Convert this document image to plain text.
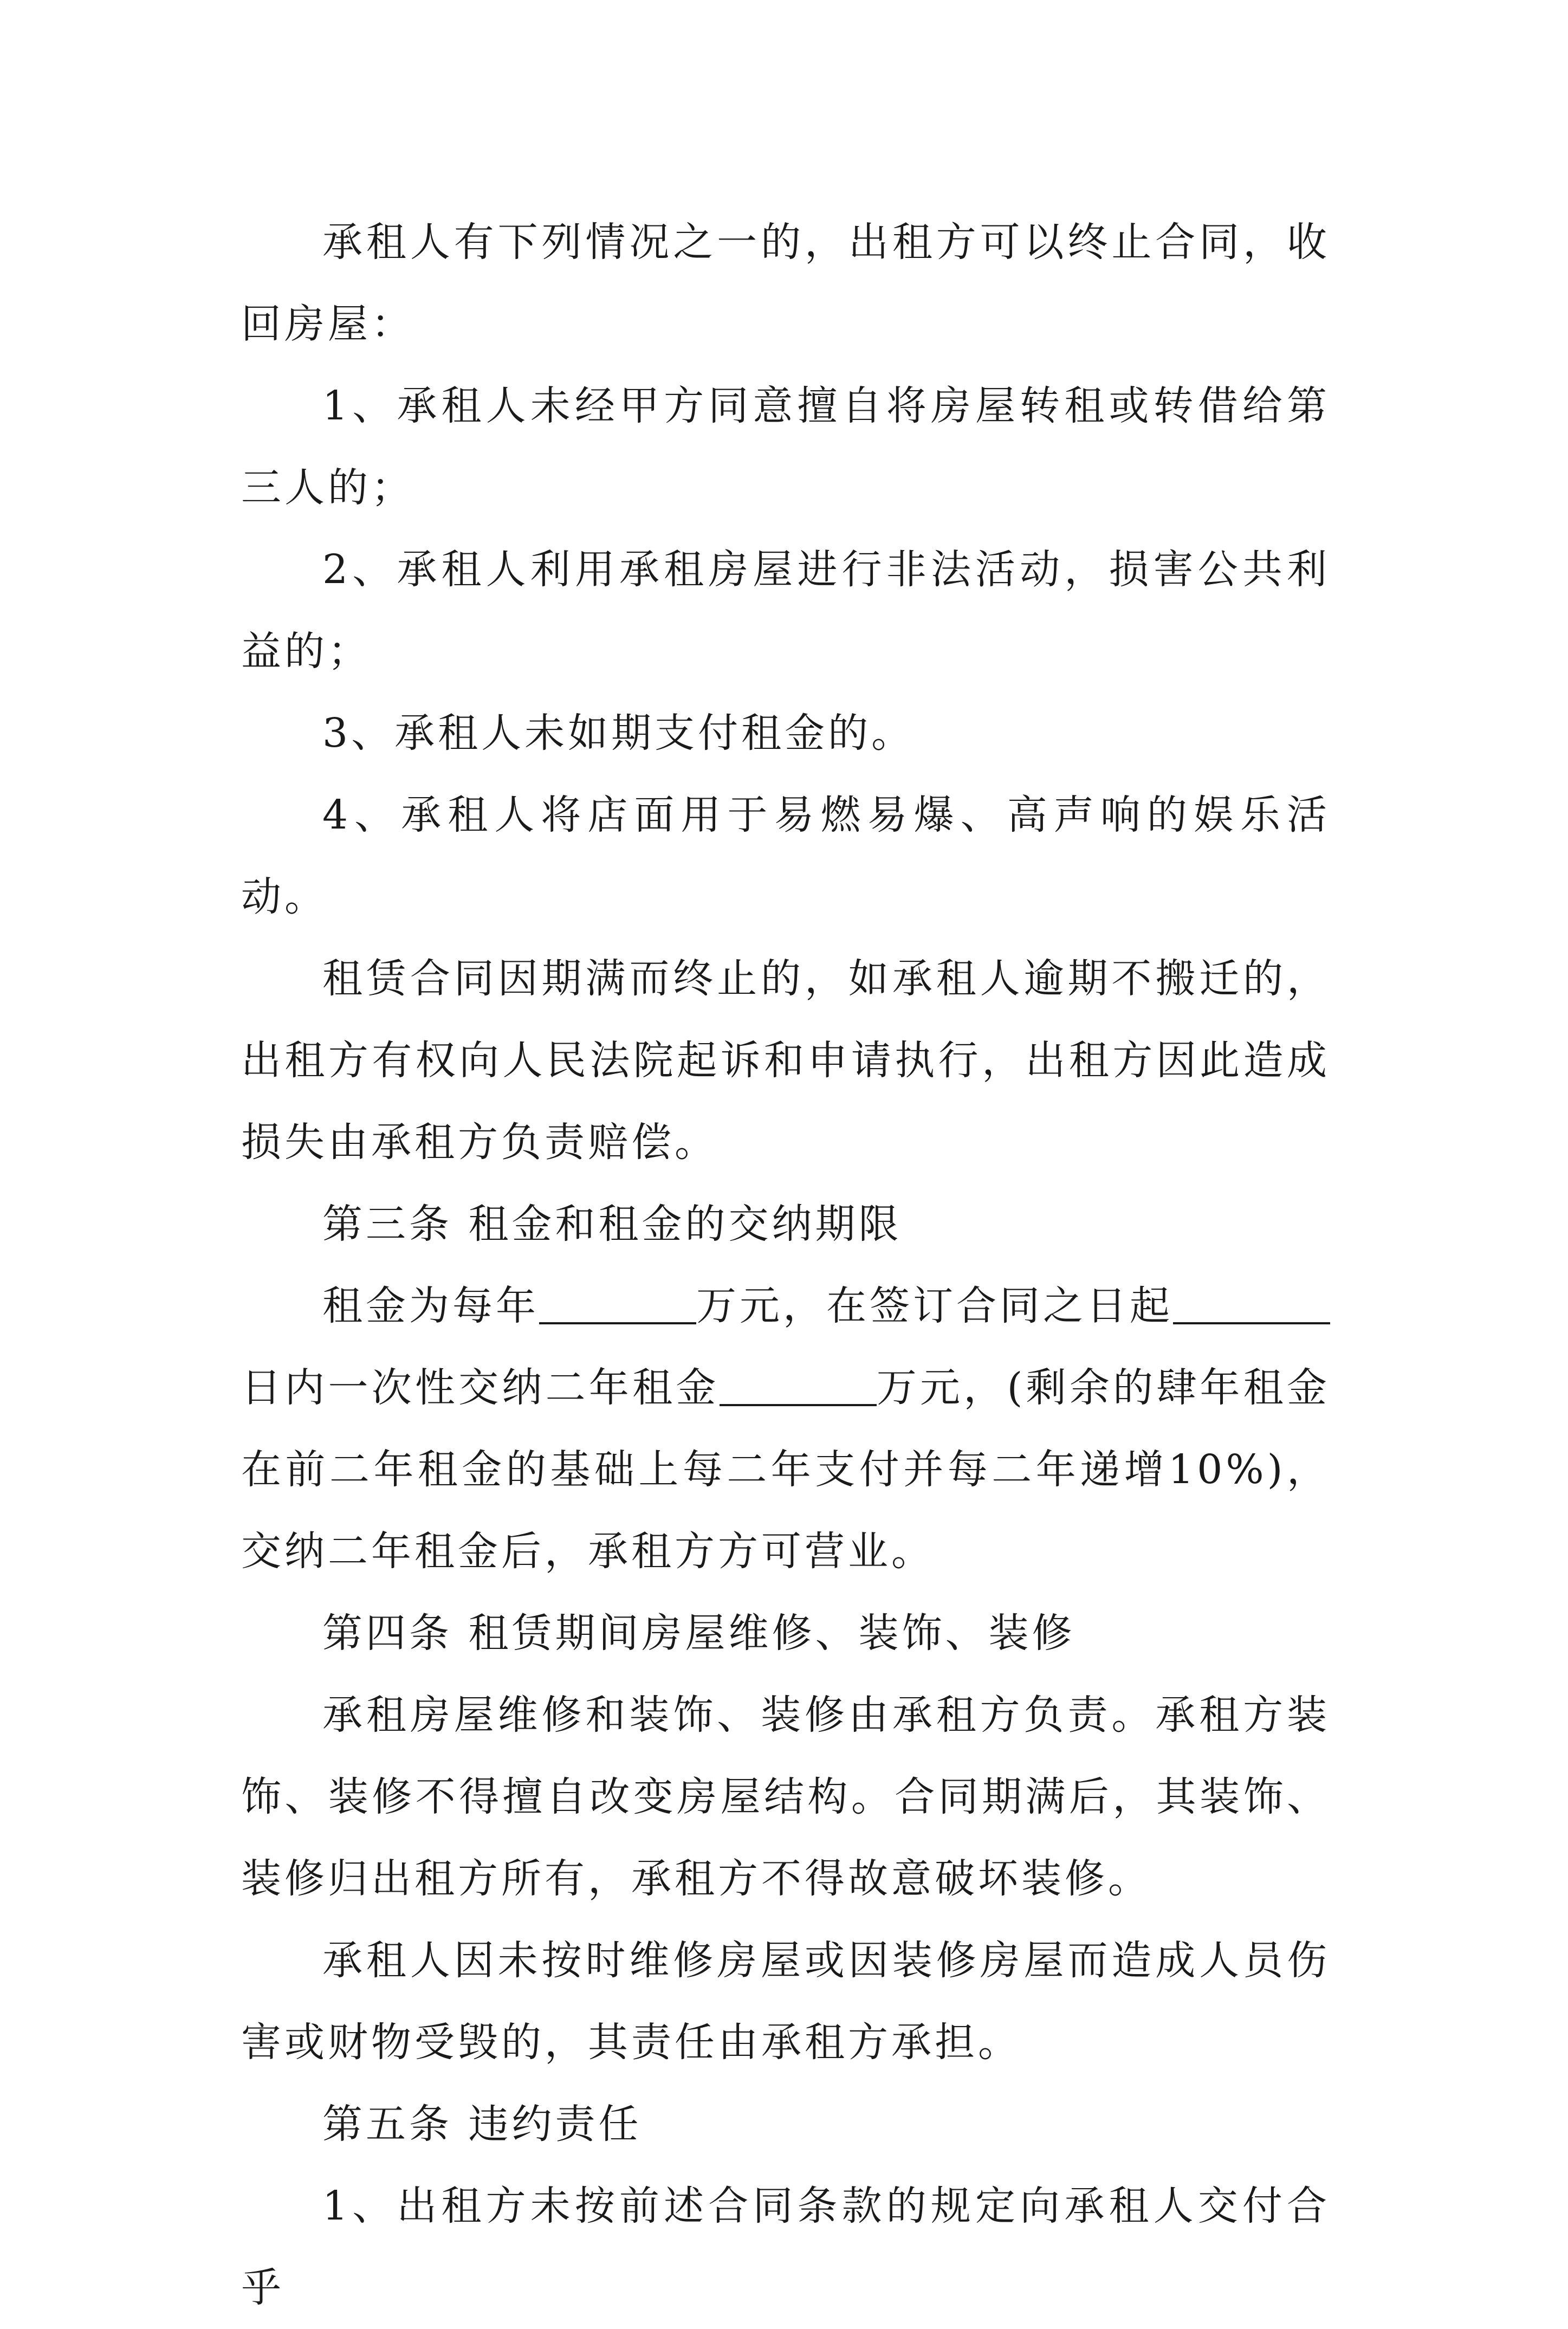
承租人有下列情况之一的，出租方可以终止合同，收回房屋：

1、承租人未经甲方同意擅自将房屋转租或转借给第三人的；

2、承租人利用承租房屋进行非法活动，损害公共利益的；

3、承租人未如期支付租金的。

4、承租人将店面用于易燃易爆、高声响的娱乐活动。

租赁合同因期满而终止的，如承租人逾期不搬迁的，出租方有权向人民法院起诉和申请执行，出租方因此造成损失由承租方负责赔偿。

第三条 租金和租金的交纳期限

租金为每年	万元，在签订合同之日起日内一次性交纳二年租金	万元，(剩余的肆年租金在前二年租金的基础上每二年支付并每二年递增10%)，交纳二年租金后，承租方方可营业。

第四条 租赁期间房屋维修、装饰、装修

承租房屋维修和装饰、装修由承租方负责。承租方装饰、装修不得擅自改变房屋结构。合同期满后，其装饰、装修归出租方所有，承租方不得故意破坏装修。

承租人因未按时维修房屋或因装修房屋而造成人员伤害或财物受毁的，其责任由承租方承担。

第五条 违约责任

1、出租方未按前述合同条款的规定向承租人交付合乎
